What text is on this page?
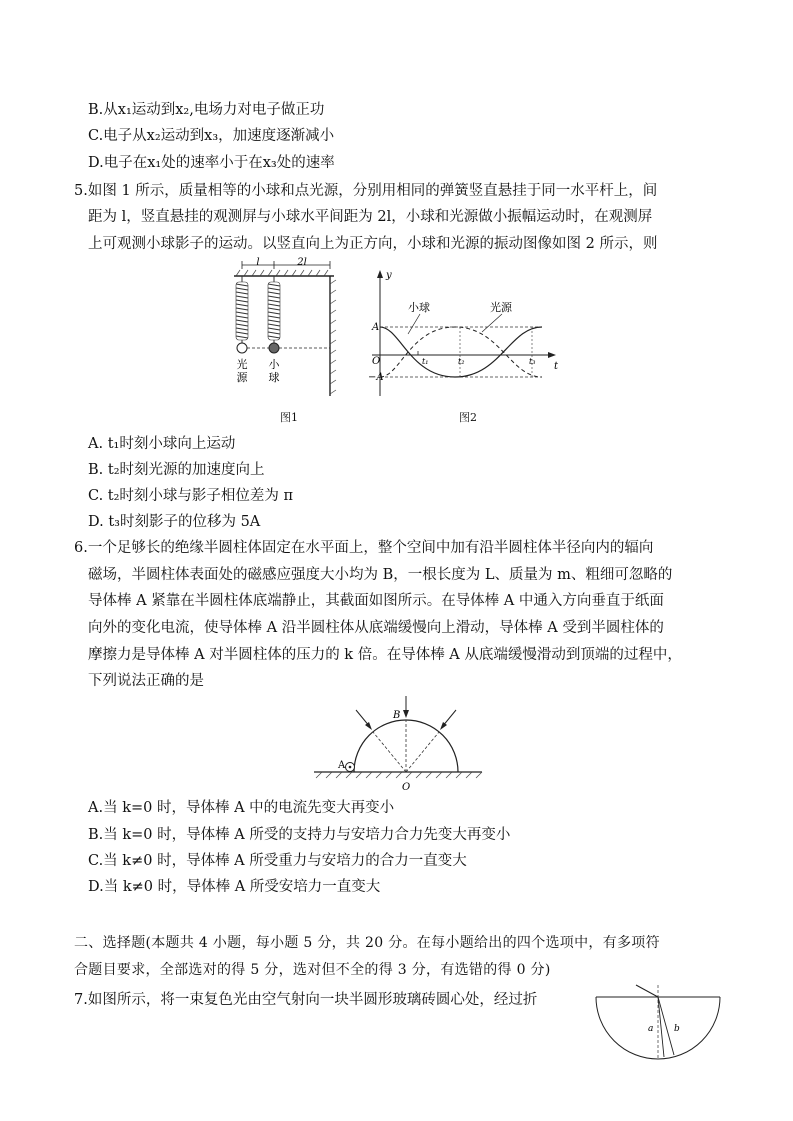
B.从x₁运动到x₂,电场力对电子做正功
C.电子从x₂运动到x₃，加速度逐渐减小
D.电子在x₁处的速率小于在x₃处的速率
5.如图 1 所示，质量相等的小球和点光源，分别用相同的弹簧竖直悬挂于同一水平杆上，间
距为 l，竖直悬挂的观测屏与小球水平间距为 2l，小球和光源做小振幅运动时，在观测屏
上可观测小球影子的运动。以竖直向上为正方向，小球和光源的振动图像如图 2 所示，则
l	2l
光
源
小
球
图1
y
t
O
A
−A
t₁	t₂	t₃
小球	光源
图2
A. t₁时刻小球向上运动
B. t₂时刻光源的加速度向上
C. t₂时刻小球与影子相位差为 π
D. t₃时刻影子的位移为 5A
6.一个足够长的绝缘半圆柱体固定在水平面上，整个空间中加有沿半圆柱体半径向内的辐向
磁场，半圆柱体表面处的磁感应强度大小均为 B，一根长度为 L、质量为 m、粗细可忽略的
导体棒 A 紧靠在半圆柱体底端静止，其截面如图所示。在导体棒 A 中通入方向垂直于纸面
向外的变化电流，使导体棒 A 沿半圆柱体从底端缓慢向上滑动，导体棒 A 受到半圆柱体的
摩擦力是导体棒 A 对半圆柱体的压力的 k 倍。在导体棒 A 从底端缓慢滑动到顶端的过程中，
下列说法正确的是
A
B
O
A.当 k=0 时，导体棒 A 中的电流先变大再变小
B.当 k=0 时，导体棒 A 所受的支持力与安培力合力先变大再变小
C.当 k≠0 时，导体棒 A 所受重力与安培力的合力一直变大
D.当 k≠0 时，导体棒 A 所受安培力一直变大
二、选择题(本题共 4 小题，每小题 5 分，共 20 分。在每小题给出的四个选项中，有多项符
合题目要求，全部选对的得 5 分，选对但不全的得 3 分，有选错的得 0 分)
7.如图所示，将一束复色光由空气射向一块半圆形玻璃砖圆心处，经过折
a b
